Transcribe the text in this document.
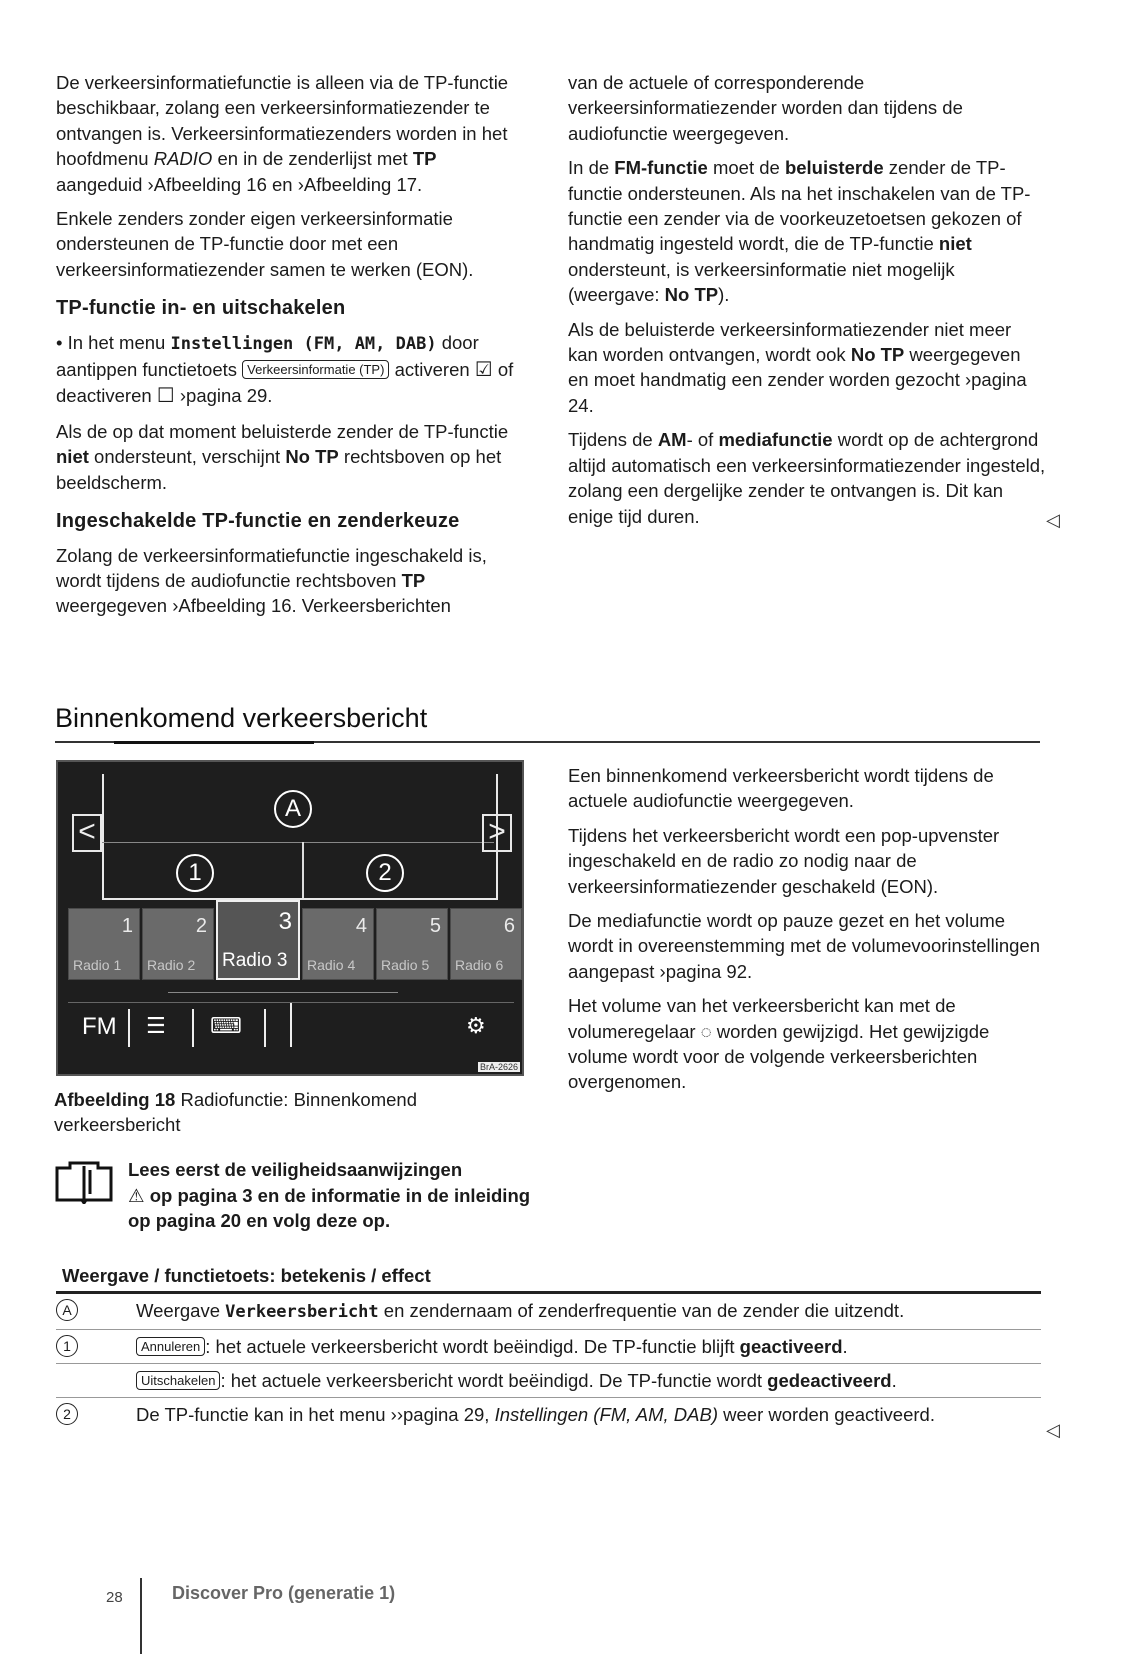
De verkeersinformatiefunctie is alleen via de TP-functie beschikbaar, zolang een verkeersinformatiezender te ontvangen is. Verkeersinformatiezenders worden in het hoofdmenu RADIO en in de zenderlijst met TP aangeduid ›Afbeelding 16 en ›Afbeelding 17.

Enkele zenders zonder eigen verkeersinformatie ondersteunen de TP-functie door met een verkeersinformatiezender samen te werken (EON).

TP-functie in- en uitschakelen

• In het menu Instellingen (FM, AM, DAB) door aantippen functietoets Verkeersinformatie (TP) activeren ☑ of deactiveren ☐ ›pagina 29.

Als de op dat moment beluisterde zender de TP-functie niet ondersteunt, verschijnt No TP rechtsboven op het beeldscherm.

Ingeschakelde TP-functie en zenderkeuze

Zolang de verkeersinformatiefunctie ingeschakeld is, wordt tijdens de audiofunctie rechtsboven TP weergegeven ›Afbeelding 16. Verkeersberichten

van de actuele of corresponderende verkeersinformatiezender worden dan tijdens de audiofunctie weergegeven.

In de FM-functie moet de beluisterde zender de TP-functie ondersteunen. Als na het inschakelen van de TP-functie een zender via de voorkeuzetoetsen gekozen of handmatig ingesteld wordt, die de TP-functie niet ondersteunt, is verkeersinformatie niet mogelijk (weergave: No TP).

Als de beluisterde verkeersinformatiezender niet meer kan worden ontvangen, wordt ook No TP weergegeven en moet handmatig een zender worden gezocht ›pagina 24.

Tijdens de AM- of mediafunctie wordt op de achtergrond altijd automatisch een verkeersinformatiezender ingesteld, zolang een dergelijke zender te ontvangen is. Dit kan enige tijd duren.	◁
Binnenkomend verkeersbericht
<	>
A
1	2
1
Radio 1
2
Radio 2
3
Radio 3
4
Radio 4
5
Radio 5
6
Radio 6
FM ☰ ⌨	⚙
BrA-2626

Een binnenkomend verkeersbericht wordt tijdens de actuele audiofunctie weergegeven.

Tijdens het verkeersbericht wordt een pop-upvenster ingeschakeld en de radio zo nodig naar de verkeersinformatiezender geschakeld (EON).

De mediafunctie wordt op pauze gezet en het volume wordt in overeenstemming met de volumevoorinstellingen aangepast ›pagina 92.

Het volume van het verkeersbericht kan met de volumeregelaar ◌ worden gewijzigd. Het gewijzigde volume wordt voor de volgende verkeersberichten overgenomen.

Afbeelding 18 Radiofunctie: Binnenkomend verkeersbericht
Lees eerst de veiligheidsaanwijzingen
⚠ op pagina 3 en de informatie in de inleiding op pagina 20 en volg deze op.
Weergave / functietoets: betekenis / effect
A	Weergave Verkeersbericht en zendernaam of zenderfrequentie van de zender die uitzendt.
1	Annuleren : het actuele verkeersbericht wordt beëindigd. De TP-functie blijft geactiveerd.
Uitschakelen : het actuele verkeersbericht wordt beëindigd. De TP-functie wordt gedeactiveerd.
2	De TP-functie kan in het menu ››pagina 29, Instellingen (FM, AM, DAB) weer worden geactiveerd.
◁
28	Discover Pro (generatie 1)
